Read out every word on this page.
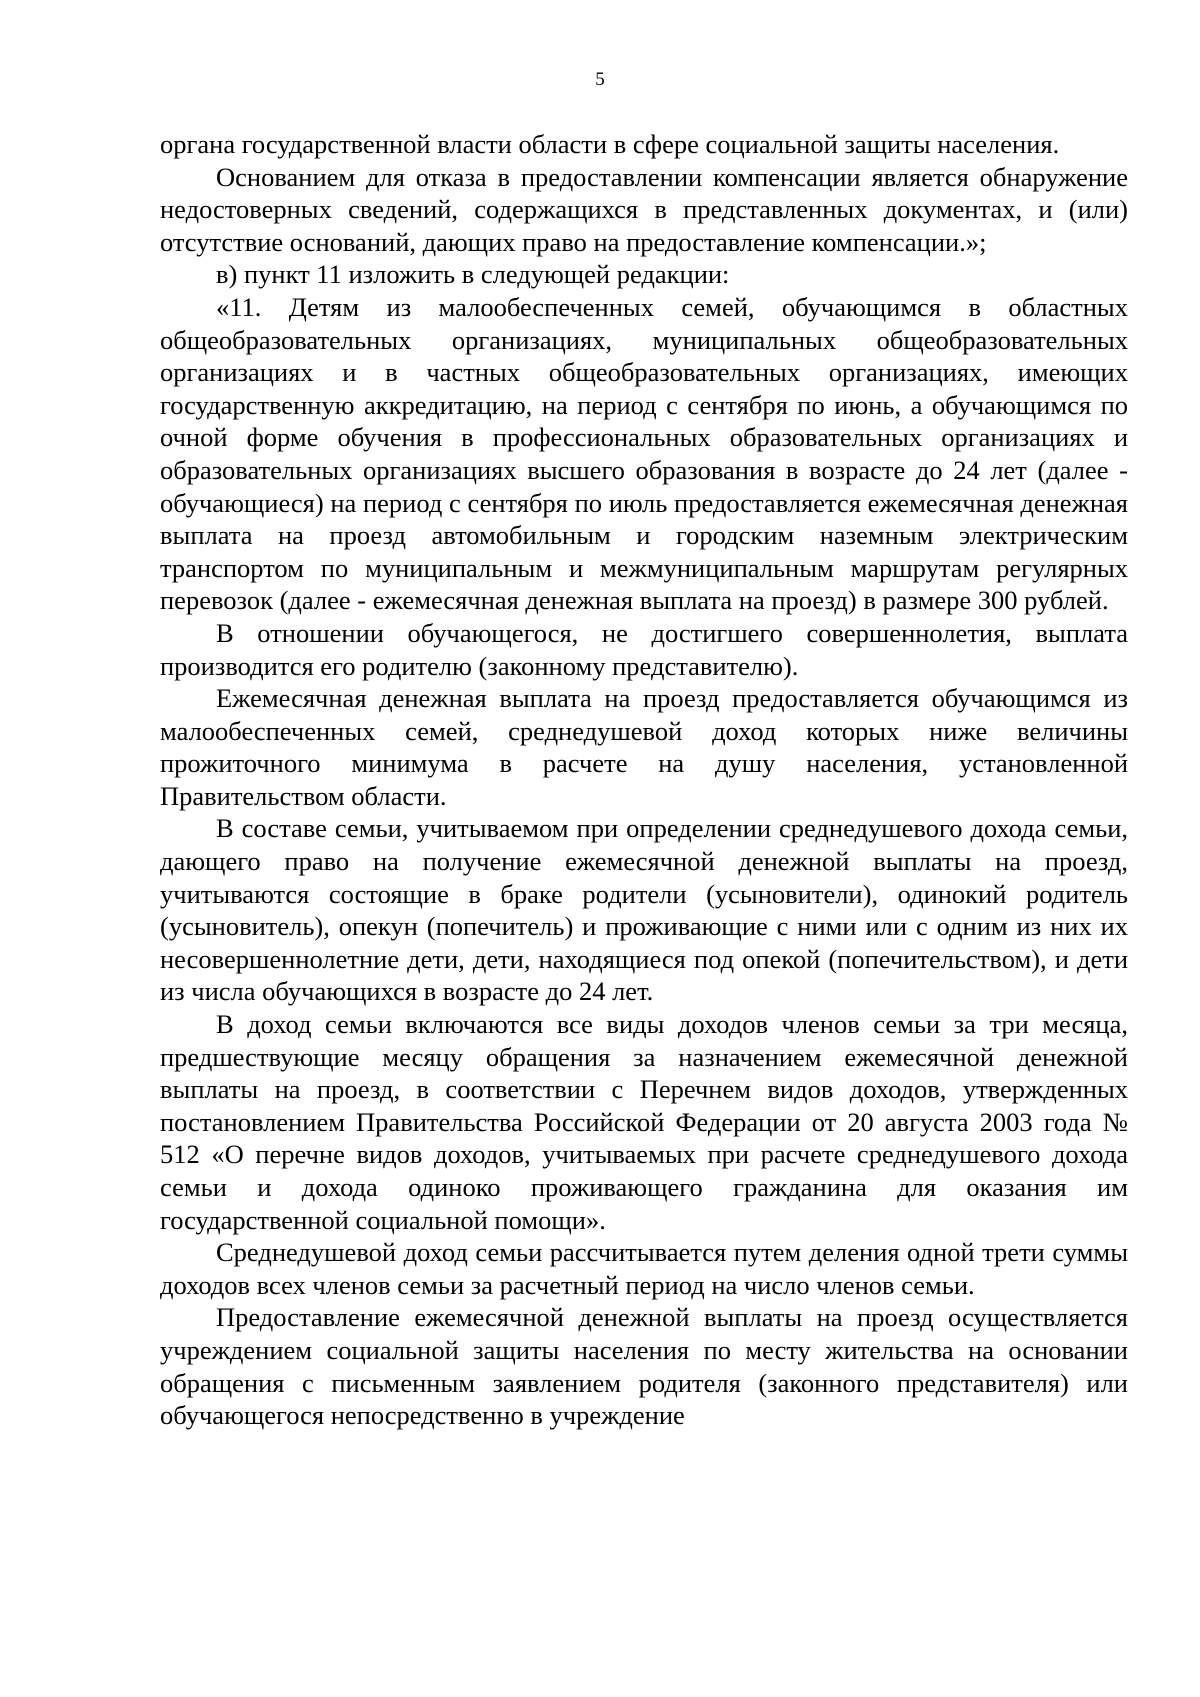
5

органа государственной власти области в сфере социальной защиты населения.

Основанием для отказа в предоставлении компенсации является обнаружение недостоверных сведений, содержащихся в представленных документах, и (или) отсутствие оснований, дающих право на предоставление компенсации.»;

в) пункт 11 изложить в следующей редакции:

«11. Детям из малообеспеченных семей, обучающимся в областных общеобразовательных организациях, муниципальных общеобразовательных организациях и в частных общеобразовательных организациях, имеющих государственную аккредитацию, на период с сентября по июнь, а обучающимся по очной форме обучения в профессиональных образовательных организациях и образовательных организациях высшего образования в возрасте до 24 лет (далее - обучающиеся) на период с сентября по июль предоставляется ежемесячная денежная выплата на проезд автомобильным и городским наземным электрическим транспортом по муниципальным и межмуниципальным маршрутам регулярных перевозок (далее - ежемесячная денежная выплата на проезд) в размере 300 рублей.

В отношении обучающегося, не достигшего совершеннолетия, выплата производится его родителю (законному представителю).

Ежемесячная денежная выплата на проезд предоставляется обучающимся из малообеспеченных семей, среднедушевой доход которых ниже величины прожиточного минимума в расчете на душу населения, установленной Правительством области.

В составе семьи, учитываемом при определении среднедушевого дохода семьи, дающего право на получение ежемесячной денежной выплаты на проезд, учитываются состоящие в браке родители (усыновители), одинокий родитель (усыновитель), опекун (попечитель) и проживающие с ними или с одним из них их несовершеннолетние дети, дети, находящиеся под опекой (попечительством), и дети из числа обучающихся в возрасте до 24 лет.

В доход семьи включаются все виды доходов членов семьи за три месяца, предшествующие месяцу обращения за назначением ежемесячной денежной выплаты на проезд, в соответствии с Перечнем видов доходов, утвержденных постановлением Правительства Российской Федерации от 20 августа 2003 года № 512 «О перечне видов доходов, учитываемых при расчете среднедушевого дохода семьи и дохода одиноко проживающего гражданина для оказания им государственной социальной помощи».

Среднедушевой доход семьи рассчитывается путем деления одной трети суммы доходов всех членов семьи за расчетный период на число членов семьи.

Предоставление ежемесячной денежной выплаты на проезд осуществляется учреждением социальной защиты населения по месту жительства на основании обращения с письменным заявлением родителя (законного представителя) или обучающегося непосредственно в учреждение
